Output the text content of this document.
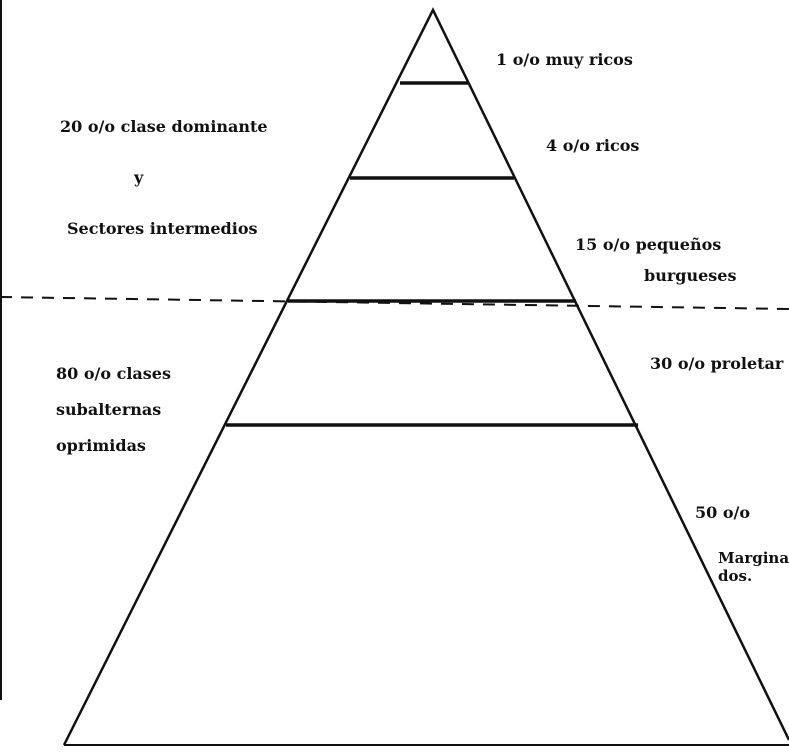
20 o/o clase dominante
y
Sectores intermedios
80 o/o clases
subalternas
oprimidas
1 o/o muy ricos
4 o/o ricos
15 o/o pequeños
burgueses
30 o/o proletar
50 o/o
Margina
dos.
